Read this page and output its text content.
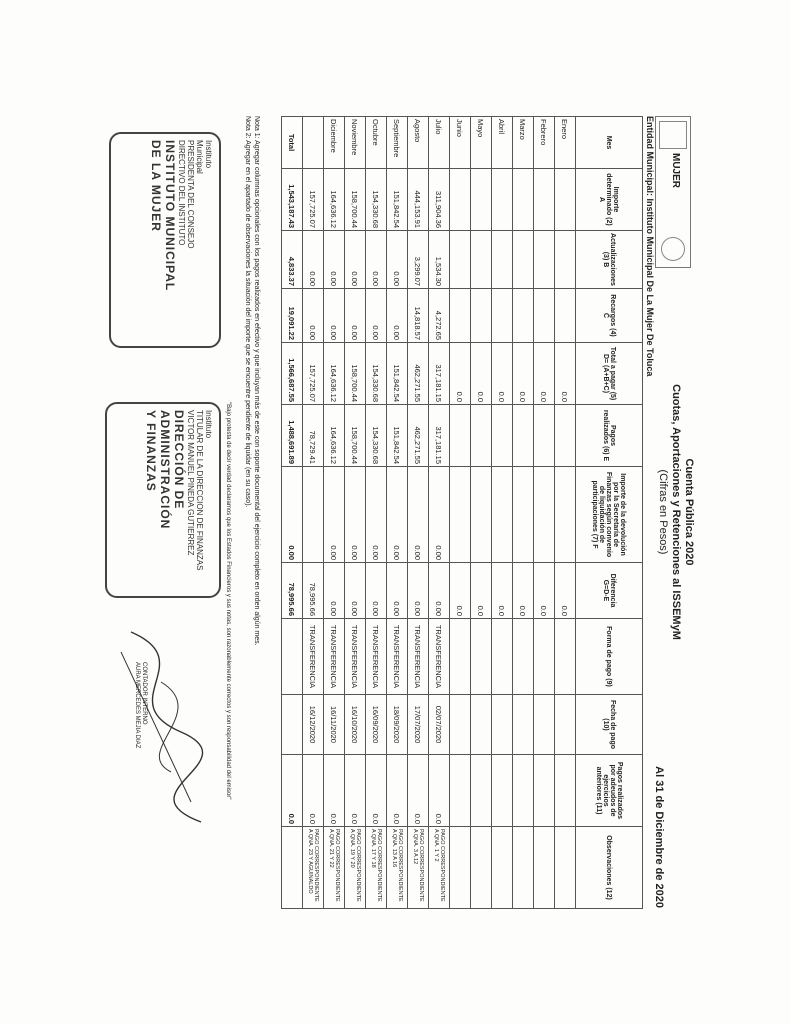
MUJER
Cuenta Pública 2020
Cuotas, Aportaciones y Retenciones al ISSEMyM
(Cifras en Pesos)
Al 31 de Diciembre de 2020
Entidad Municipal: Instituto Municipal De La Mujer De Toluca
Mes	Importe determinado (2) A	Actualizaciones (3) B	Recargos (4) C	Total a pagar (5) D= (A+B+C)	Pagos realizados (6) E	Importe de la devolución por la Secretaría de Finanzas según convenio de liquidación de participaciones (7) F	Diferencia G=D-E	Forma de pago (9)	Fecha de pago (10)	Pagos realizados por adeudos de ejercicios anteriores (11)	Observaciones (12)
Enero				0.0			0.0				
Febrero				0.0			0.0				
Marzo				0.0			0.0				
Abril				0.0			0.0				
Mayo				0.0			0.0				
Junio				0.0			0.0				
Julio	311,904.36	1,534.30	4,272.65	317,181.15	317,181.15	0.00	0.00	TRANSFERENCIA	02/07/2020	0.0	PAGO CORRESPONDIENTE A QNA. 1 Y 2
Agosto	444,153.91	3,299.07	14,818.57	462,271.55	462,271.55	0.00	0.00	TRANSFERENCIA	17/07/2020	0.0	PAGO CORRESPONDIENTE A QNA. 3 A 12
Septiembre	151,842.54	0.00	0.00	151,842.54	151,842.54	0.00	0.00	TRANSFERENCIA	18/09/2020	0.0	PAGO CORRESPONDIENTE A QNA. 13 A 16
Octubre	154,330.68	0.00	0.00	154,330.68	154,330.68	0.00	0.00	TRANSFERENCIA	16/09/2020	0.0	PAGO CORRESPONDIENTE A QNA. 17 Y 18
Noviembre	158,700.44	0.00	0.00	158,700.44	158,700.44	0.00	0.00	TRANSFERENCIA	16/10/2020	0.0	PAGO CORRESPONDIENTE A QNA. 19 Y 20
Diciembre	164,636.12	0.00	0.00	164,636.12	164,636.12	0.00	0.00	TRANSFERENCIA	16/11/2020	0.0	PAGO CORRESPONDIENTE A QNA. 21 Y 22
	157,725.07	0.00	0.00	157,725.07	78,729.41		78,995.66	TRANSFERENCIA	16/12/2020	0.0	PAGO CORRESPONDIENTE A QNA. 23 Y AGUINALDO
Total	1,543,187.43	4,833.37	19,091.22	1,566,687.55	1,488,691.89	0.00	78,995.66			0.0	
Nota 1: Agregar columnas opcionales con los pagos realizados en efectivo y que incluyan más de este con soporte documental del ejercicio completo en orden algún mes.
Nota 2: Agregar en el apartado de observaciones la situación del importe que se encuentre pendiente de liquidar (en su caso).
"Bajo protesta de decir verdad declaramos que los Estados Financieros y sus notas, son razonablemente correctos y son responsabilidad del emisor"
Instituto
Municipal
PRESIDENTA DEL CONSEJO
DIRECTIVO DEL INSTITUTO
INSTITUTO MUNICIPAL
DE LA MUJER
Instituto
TITULAR DE LA DIRECCION DE FINANZAS
VICTOR MANUEL PINEDA GUTIERREZ
DIRECCIÓN DE
ADMINISTRACIÓN
Y FINANZAS
CONTADOR INTERNO
AURA MERCEDES MEJIA DIAZ
